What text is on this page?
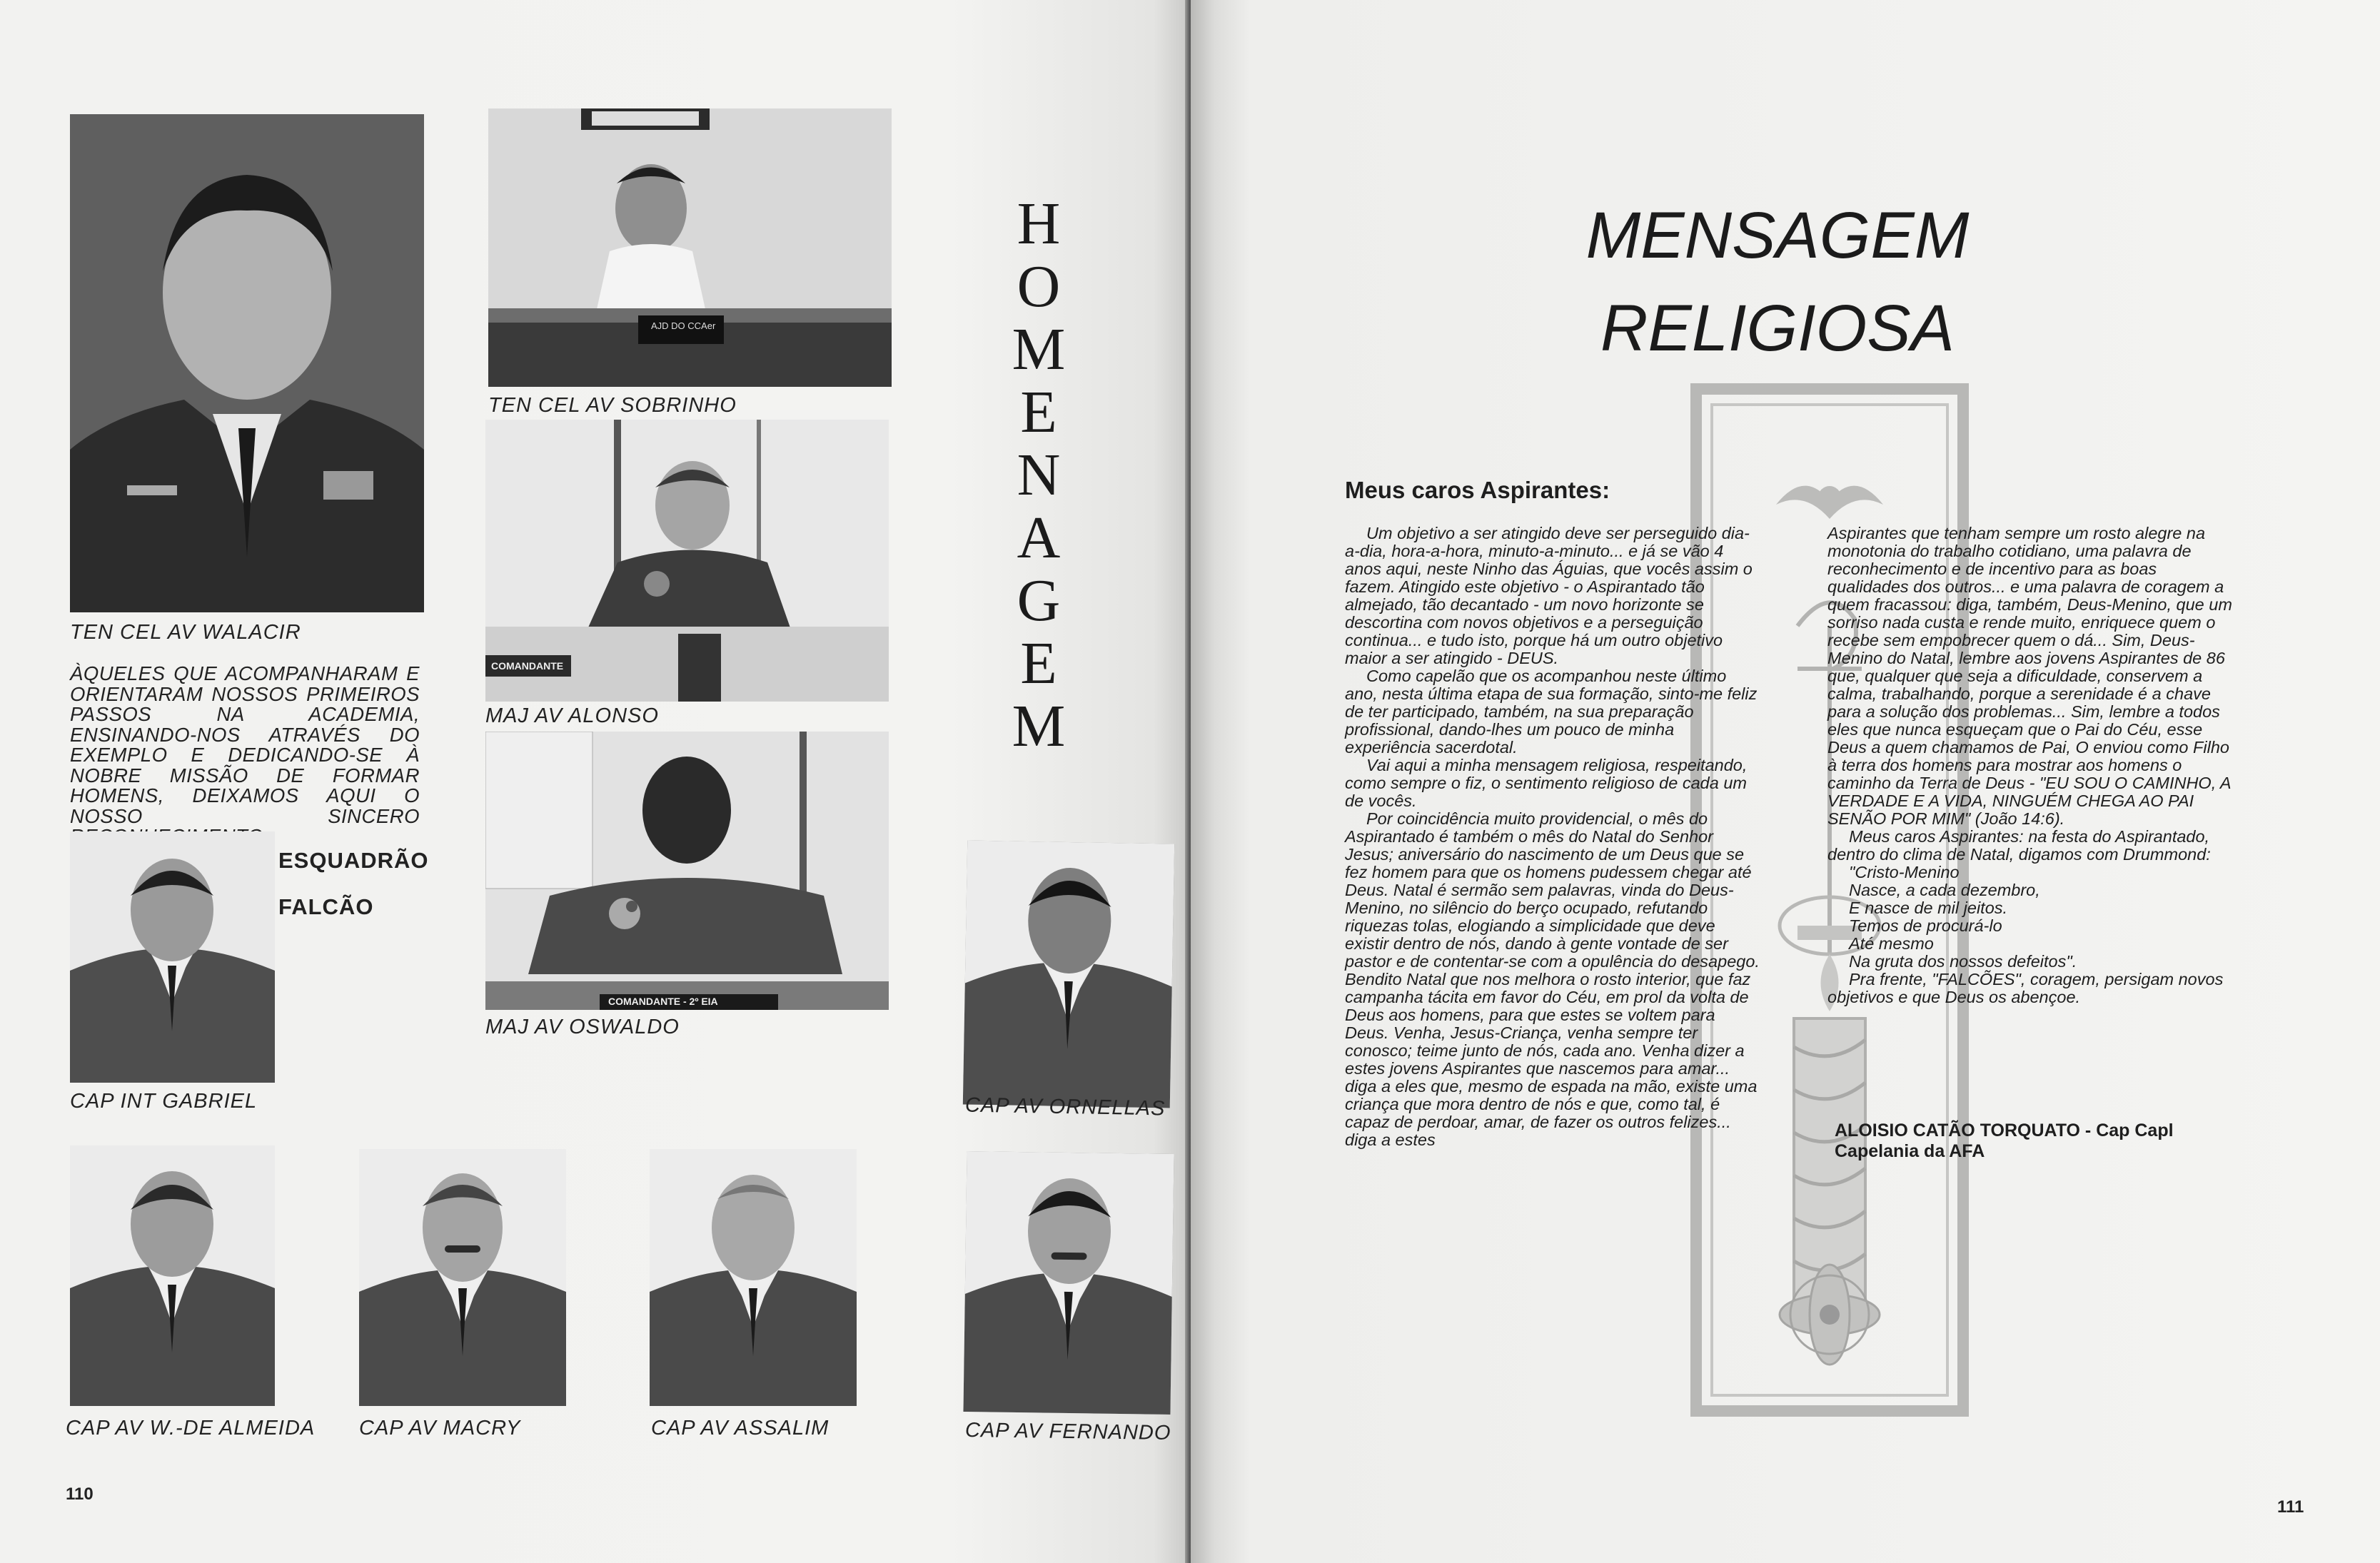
TEN CEL AV WALACIR
AJD DO CCAer
TEN CEL AV SOBRINHO
COMANDANTE
MAJ AV ALONSO
COMANDANTE - 2º EIA
MAJ AV OSWALDO
ÀQUELES QUE ACOMPANHARAM E ORIENTARAM NOSSOS PRIMEIROS PASSOS NA ACADEMIA, ENSINANDO-NOS ATRAVÉS DO EXEMPLO E DEDICANDO-SE À NOBRE MISSÃO DE FORMAR HOMENS, DEIXAMOS AQUI O NOSSO SINCERO
ESQUADRÃO
FALCÃO
CAP INT GABRIEL	CAP AV ORNELLAS
CAP AV W.-DE ALMEIDA CAP AV MACRY	CAP AV ASSALIM	CAP AV FERNANDO
H
O
M
E
N
A
G
E
M
110
MENSAGEM
RELIGIOSA
Meus caros Aspirantes:

Um objetivo a ser atingido deve ser perseguido dia-a-dia, hora-a-hora, minuto-a-minuto... e já se vão 4 anos aqui, neste Ninho das Águias, que vocês assim o fazem. Atingido este objetivo - o Aspirantado tão almejado, tão decantado - um novo horizonte se descortina com novos objetivos e a perseguição continua... e tudo isto, porque há um outro objetivo maior a ser atingido - DEUS.

Como capelão que os acompanhou neste último ano, nesta última etapa de sua formação, sinto-me feliz de ter participado, também, na sua preparação profissional, dando-lhes um pouco de minha experiência sacerdotal.

Vai aqui a minha mensagem religiosa, respeitando, como sempre o fiz, o sentimento religioso de cada um de vocês.

Por coincidência muito providencial, o mês do Aspirantado é também o mês do Natal do Senhor Jesus; aniversário do nascimento de um Deus que se fez homem para que os homens pudessem chegar até Deus. Natal é sermão sem palavras, vinda do Deus-Menino, no silêncio do berço ocupado, refutando riquezas tolas, elogiando a simplicidade que deve existir dentro de nós, dando à gente vontade de ser pastor e de contentar-se com a opulência do desapego. Bendito Natal que nos melhora o rosto interior, que faz campanha tácita em favor do Céu, em prol da volta de Deus aos homens, para que estes se voltem para Deus. Venha, Jesus-Criança, venha sempre ter conosco; teime junto de nós, cada ano. Venha dizer a estes jovens Aspirantes que nascemos para amar... diga a eles que, mesmo de espada na mão, existe uma criança que mora dentro de nós e que, como tal, é capaz de perdoar, amar, de fazer os outros felizes... diga a estes

Aspirantes que tenham sempre um rosto alegre na monotonia do trabalho cotidiano, uma palavra de reconhecimento e de incentivo para as boas qualidades dos outros... e uma palavra de coragem a quem fracassou: diga, também, Deus-Menino, que um sorriso nada custa e rende muito, enriquece quem o recebe sem empobrecer quem o dá... Sim, Deus-Menino do Natal, lembre aos jovens Aspirantes de 86 que, qualquer que seja a dificuldade, conservem a calma, trabalhando, porque a serenidade é a chave para a solução dos problemas... Sim, lembre a todos eles que nunca esqueçam que o Pai do Céu, esse Deus a quem chamamos de Pai, O enviou como Filho à terra dos homens para mostrar aos homens o caminho da Terra de Deus - "EU SOU O CAMINHO, A VERDADE E A VIDA, NINGUÉM CHEGA AO PAI SENÃO POR MIM" (João 14:6).

Meus caros Aspirantes: na festa do Aspirantado, dentro do clima de Natal, digamos com Drummond:

"Cristo-Menino
Nasce, a cada dezembro,
E nasce de mil jeitos.
Temos de procurá-lo
Até mesmo
Na gruta dos nossos defeitos".

Pra frente, "FALCÕES", coragem, persigam novos objetivos e que Deus os abençoe.

ALOISIO CATÃO TORQUATO - Cap Capl
Capelania da AFA
111
